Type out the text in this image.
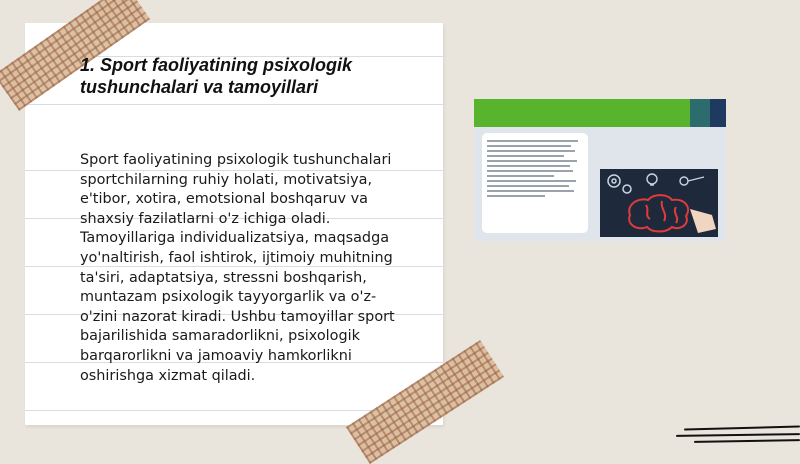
1. Sport faoliyatining psixologik tushunchalari va tamoyillari
Sport faoliyatining psixologik tushunchalari sportchilarning ruhiy holati, motivatsiya, e'tibor, xotira, emotsional boshqaruv va shaxsiy fazilatlarni o'z ichiga oladi. Tamoyillariga individualizatsiya, maqsadga yo'naltirish, faol ishtirok, ijtimoiy muhitning ta'siri, adaptatsiya, stressni boshqarish, muntazam psixologik tayyorgarlik va o'z-o'zini nazorat kiradi. Ushbu tamoyillar sport bajarilishida samaradorlikni, psixologik barqarorlikni va jamoaviy hamkorlikni oshirishga xizmat qiladi.
